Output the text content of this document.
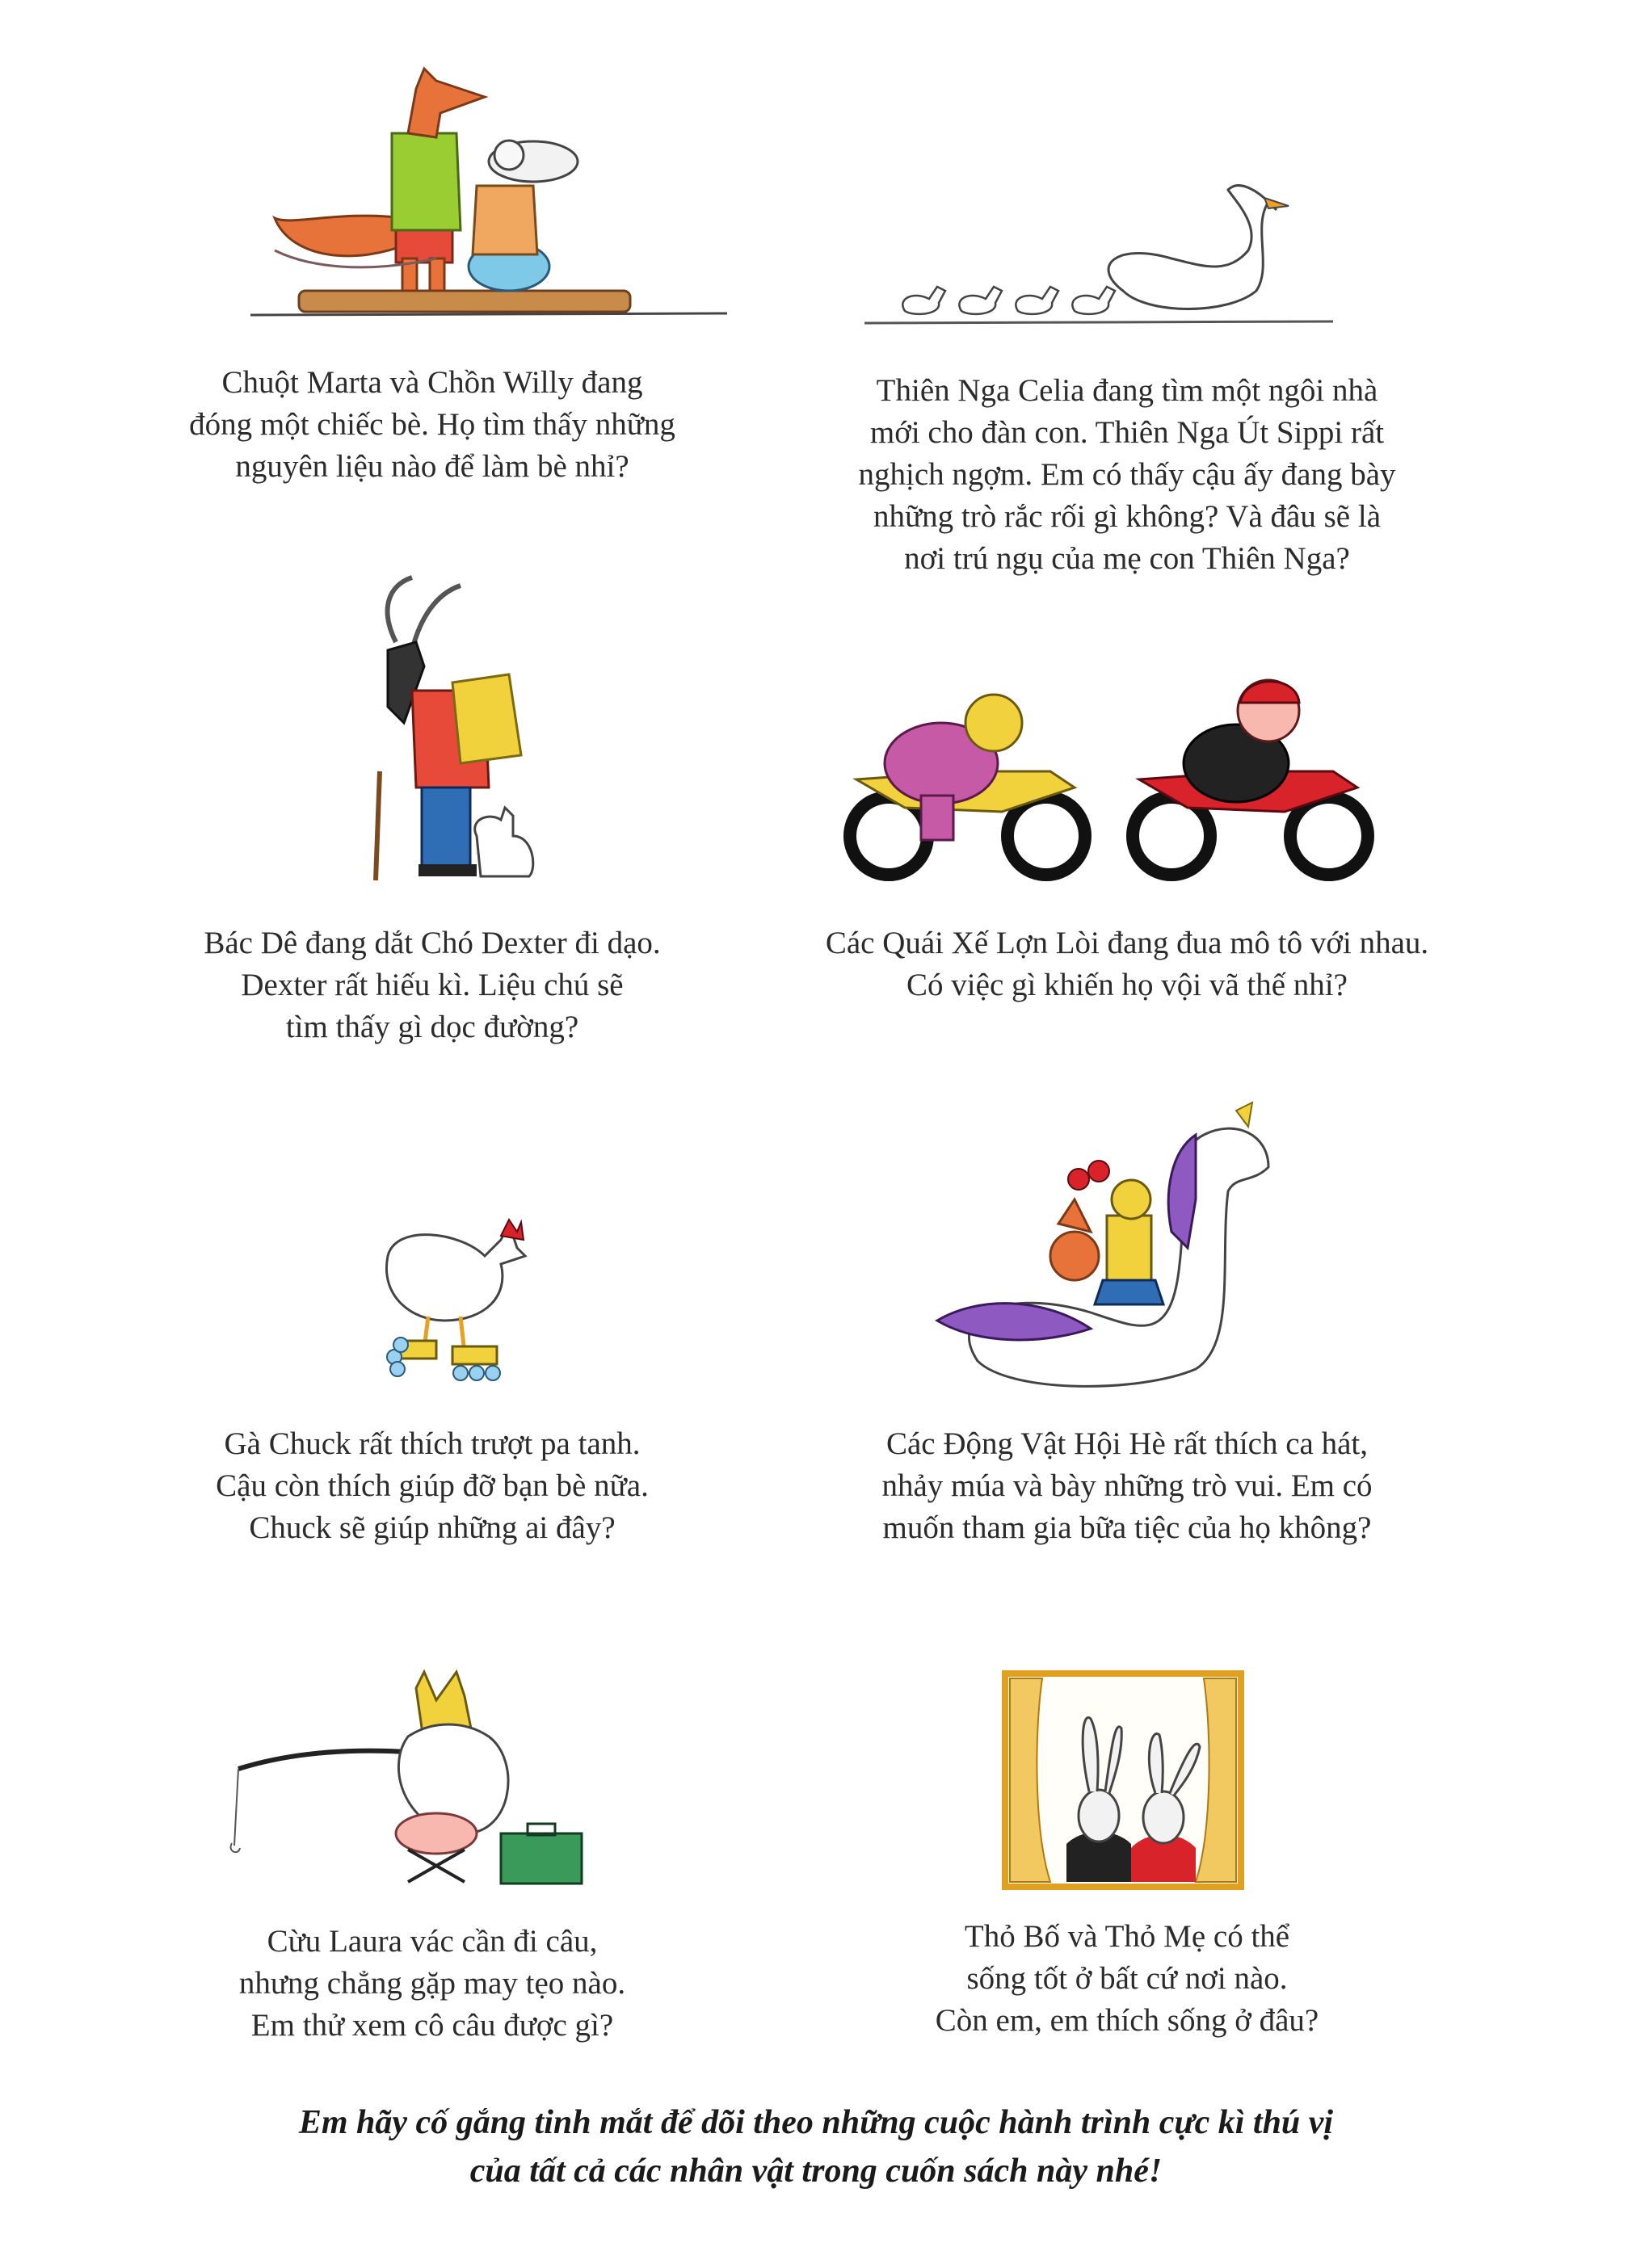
Chuột Marta và Chồn Willy đang
đóng một chiếc bè. Họ tìm thấy những
nguyên liệu nào để làm bè nhỉ?
Thiên Nga Celia đang tìm một ngôi nhà
mới cho đàn con. Thiên Nga Út Sippi rất
nghịch ngợm. Em có thấy cậu ấy đang bày
những trò rắc rối gì không? Và đâu sẽ là
nơi trú ngụ của mẹ con Thiên Nga?
Bác Dê đang dắt Chó Dexter đi dạo.
Dexter rất hiếu kì. Liệu chú sẽ
tìm thấy gì dọc đường?
Các Quái Xế Lợn Lòi đang đua mô tô với nhau.
Có việc gì khiến họ vội vã thế nhỉ?
Gà Chuck rất thích trượt pa tanh.
Cậu còn thích giúp đỡ bạn bè nữa.
Chuck sẽ giúp những ai đây?
Các Động Vật Hội Hè rất thích ca hát,
nhảy múa và bày những trò vui. Em có
muốn tham gia bữa tiệc của họ không?
Cừu Laura vác cần đi câu,
nhưng chẳng gặp may tẹo nào.
Em thử xem cô câu được gì?
Thỏ Bố và Thỏ Mẹ có thể
sống tốt ở bất cứ nơi nào.
Còn em, em thích sống ở đâu?
Em hãy cố gắng tinh mắt để dõi theo những cuộc hành trình cực kì thú vị
của tất cả các nhân vật trong cuốn sách này nhé!
